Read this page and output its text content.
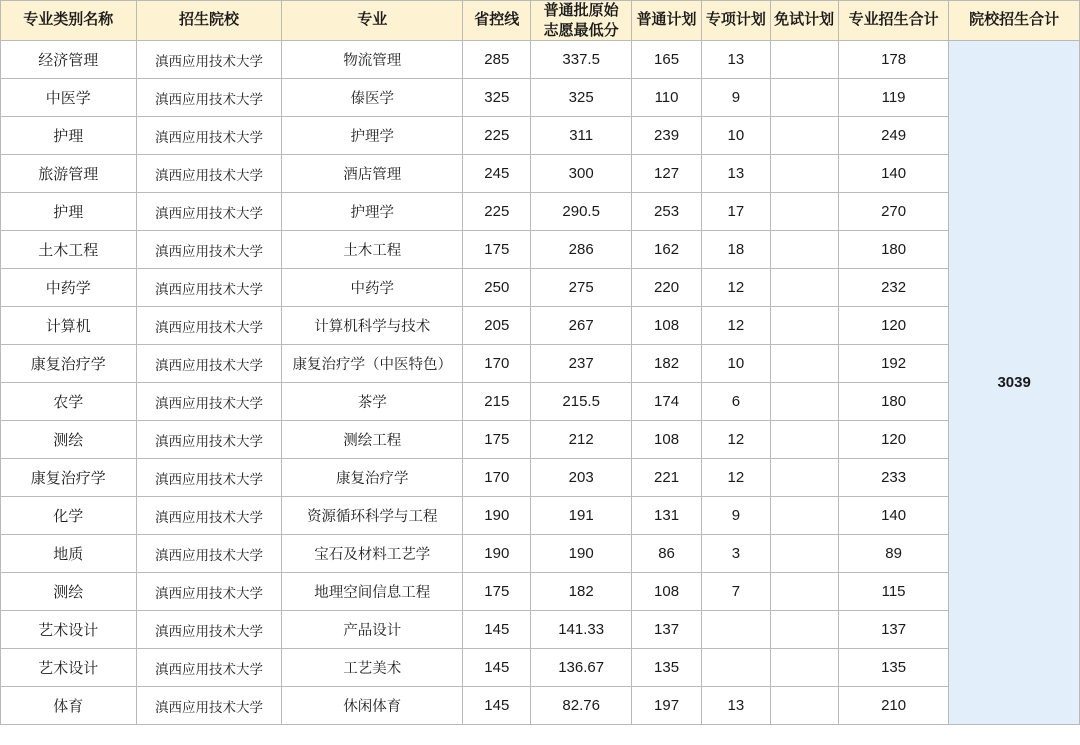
专业类别名称	招生院校	专业	省控线	普通批原始
志愿最低分	普通计划	专项计划	免试计划	专业招生合计	院校招生合计
经济管理	滇西应用技术大学	物流管理	285	337.5	165	13		178	3039
中医学	滇西应用技术大学	傣医学	325	325	110	9		119	
护理	滇西应用技术大学	护理学	225	311	239	10		249	
旅游管理	滇西应用技术大学	酒店管理	245	300	127	13		140	
护理	滇西应用技术大学	护理学	225	290.5	253	17		270	
土木工程	滇西应用技术大学	土木工程	175	286	162	18		180	
中药学	滇西应用技术大学	中药学	250	275	220	12		232	
计算机	滇西应用技术大学	计算机科学与技术	205	267	108	12		120	
康复治疗学	滇西应用技术大学	康复治疗学（中医特色）	170	237	182	10		192	
农学	滇西应用技术大学	茶学	215	215.5	174	6		180	
测绘	滇西应用技术大学	测绘工程	175	212	108	12		120	
康复治疗学	滇西应用技术大学	康复治疗学	170	203	221	12		233	
化学	滇西应用技术大学	资源循环科学与工程	190	191	131	9		140	
地质	滇西应用技术大学	宝石及材料工艺学	190	190	86	3		89	
测绘	滇西应用技术大学	地理空间信息工程	175	182	108	7		115	
艺术设计	滇西应用技术大学	产品设计	145	141.33	137			137	
艺术设计	滇西应用技术大学	工艺美术	145	136.67	135			135	
体育	滇西应用技术大学	休闲体育	145	82.76	197	13		210	
